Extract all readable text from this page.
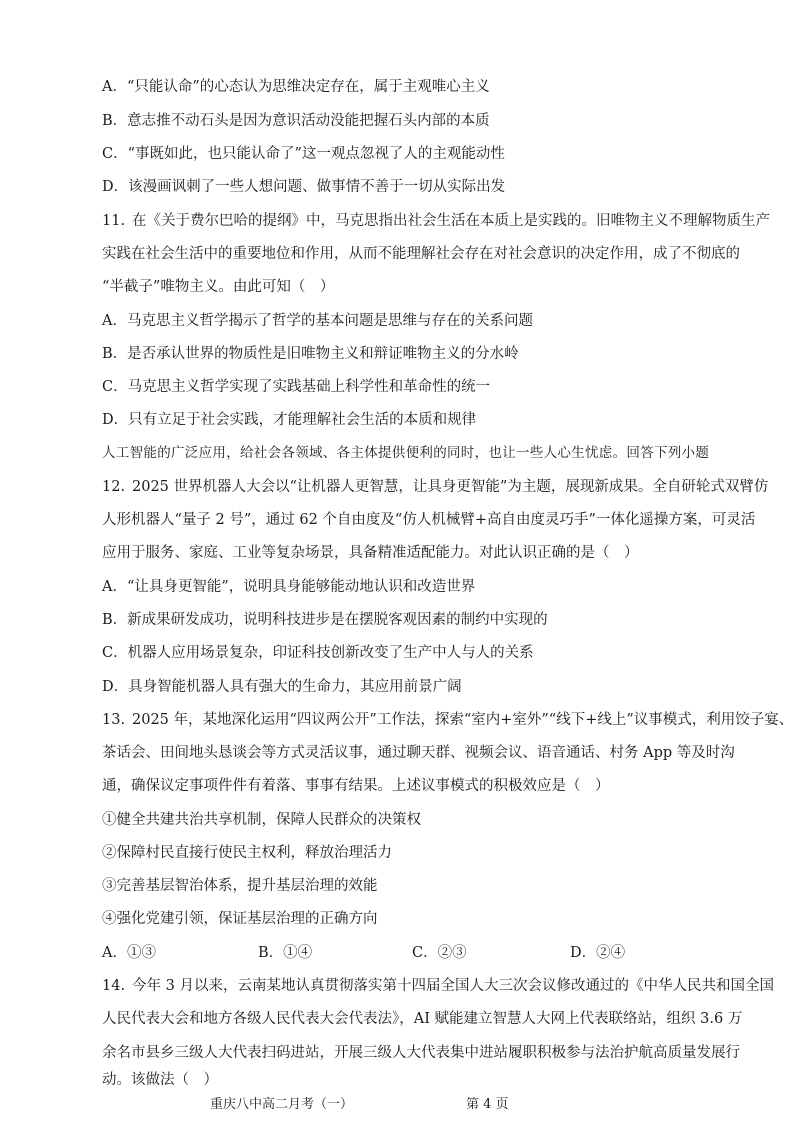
A．“只能认命”的心态认为思维决定存在，属于主观唯心主义
B．意志推不动石头是因为意识活动没能把握石头内部的本质
C．“事既如此，也只能认命了”这一观点忽视了人的主观能动性
D．该漫画讽刺了一些人想问题、做事情不善于一切从实际出发
11. 在《关于费尔巴哈的提纲》中，马克思指出社会生活在本质上是实践的。旧唯物主义不理解物质生产
实践在社会生活中的重要地位和作用，从而不能理解社会存在对社会意识的决定作用，成了不彻底的
“半截子”唯物主义。由此可知（　）
A．马克思主义哲学揭示了哲学的基本问题是思维与存在的关系问题
B．是否承认世界的物质性是旧唯物主义和辩证唯物主义的分水岭
C．马克思主义哲学实现了实践基础上科学性和革命性的统一
D．只有立足于社会实践，才能理解社会生活的本质和规律
人工智能的广泛应用，给社会各领域、各主体提供便利的同时，也让一些人心生忧虑。回答下列小题
12. 2025 世界机器人大会以“让机器人更智慧，让具身更智能”为主题，展现新成果。全自研轮式双臂仿
人形机器人“量子 2 号”，通过 62 个自由度及“仿人机械臂+高自由度灵巧手”一体化遥操方案，可灵活
应用于服务、家庭、工业等复杂场景，具备精准适配能力。对此认识正确的是（　）
A．“让具身更智能”，说明具身能够能动地认识和改造世界
B．新成果研发成功，说明科技进步是在摆脱客观因素的制约中实现的
C．机器人应用场景复杂，印证科技创新改变了生产中人与人的关系
D．具身智能机器人具有强大的生命力，其应用前景广阔
13. 2025 年，某地深化运用“四议两公开”工作法，探索“室内+室外”“线下+线上”议事模式，利用饺子宴、
茶话会、田间地头恳谈会等方式灵活议事，通过聊天群、视频会议、语音通话、村务 App 等及时沟
通，确保议定事项件件有着落、事事有结果。上述议事模式的积极效应是（　）
①健全共建共治共享机制，保障人民群众的决策权
②保障村民直接行使民主权利，释放治理活力
③完善基层智治体系，提升基层治理的效能
④强化党建引领，保证基层治理的正确方向
A．①③	B．①④	C．②③	D．②④
14. 今年 3 月以来，云南某地认真贯彻落实第十四届全国人大三次会议修改通过的《中华人民共和国全国
人民代表大会和地方各级人民代表大会代表法》，AI 赋能建立智慧人大网上代表联络站，组织 3.6 万
余名市县乡三级人大代表扫码进站，开展三级人大代表集中进站履职积极参与法治护航高质量发展行
动。该做法（　）
重庆八中高二月考（一）	第 4 页
